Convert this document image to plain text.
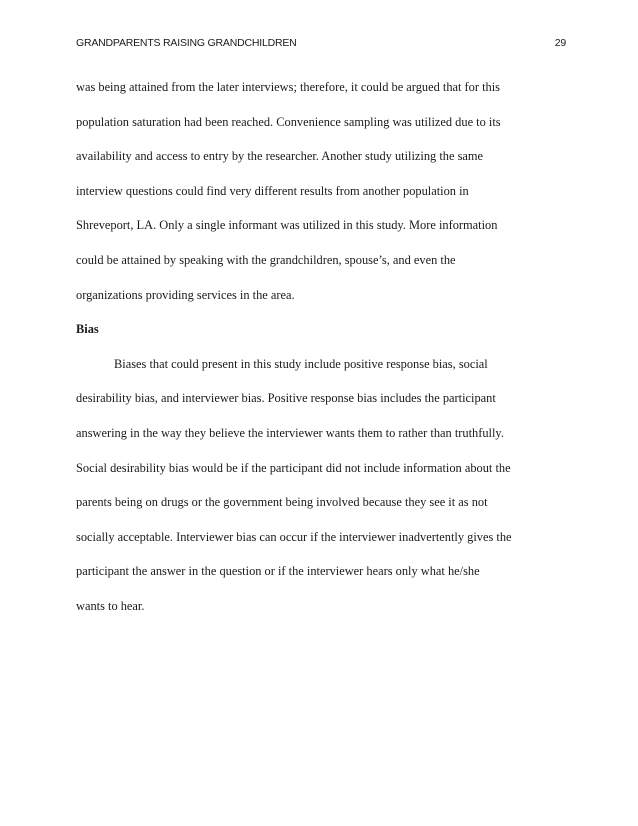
GRANDPARENTS RAISING GRANDCHILDREN	29
was being attained from the later interviews; therefore, it could be argued that for this
population saturation had been reached. Convenience sampling was utilized due to its
availability and access to entry by the researcher. Another study utilizing the same
interview questions could find very different results from another population in
Shreveport, LA. Only a single informant was utilized in this study. More information
could be attained by speaking with the grandchildren, spouse’s, and even the
organizations providing services in the area.
Bias
Biases that could present in this study include positive response bias, social
desirability bias, and interviewer bias. Positive response bias includes the participant
answering in the way they believe the interviewer wants them to rather than truthfully.
Social desirability bias would be if the participant did not include information about the
parents being on drugs or the government being involved because they see it as not
socially acceptable. Interviewer bias can occur if the interviewer inadvertently gives the
participant the answer in the question or if the interviewer hears only what he/she
wants to hear.
